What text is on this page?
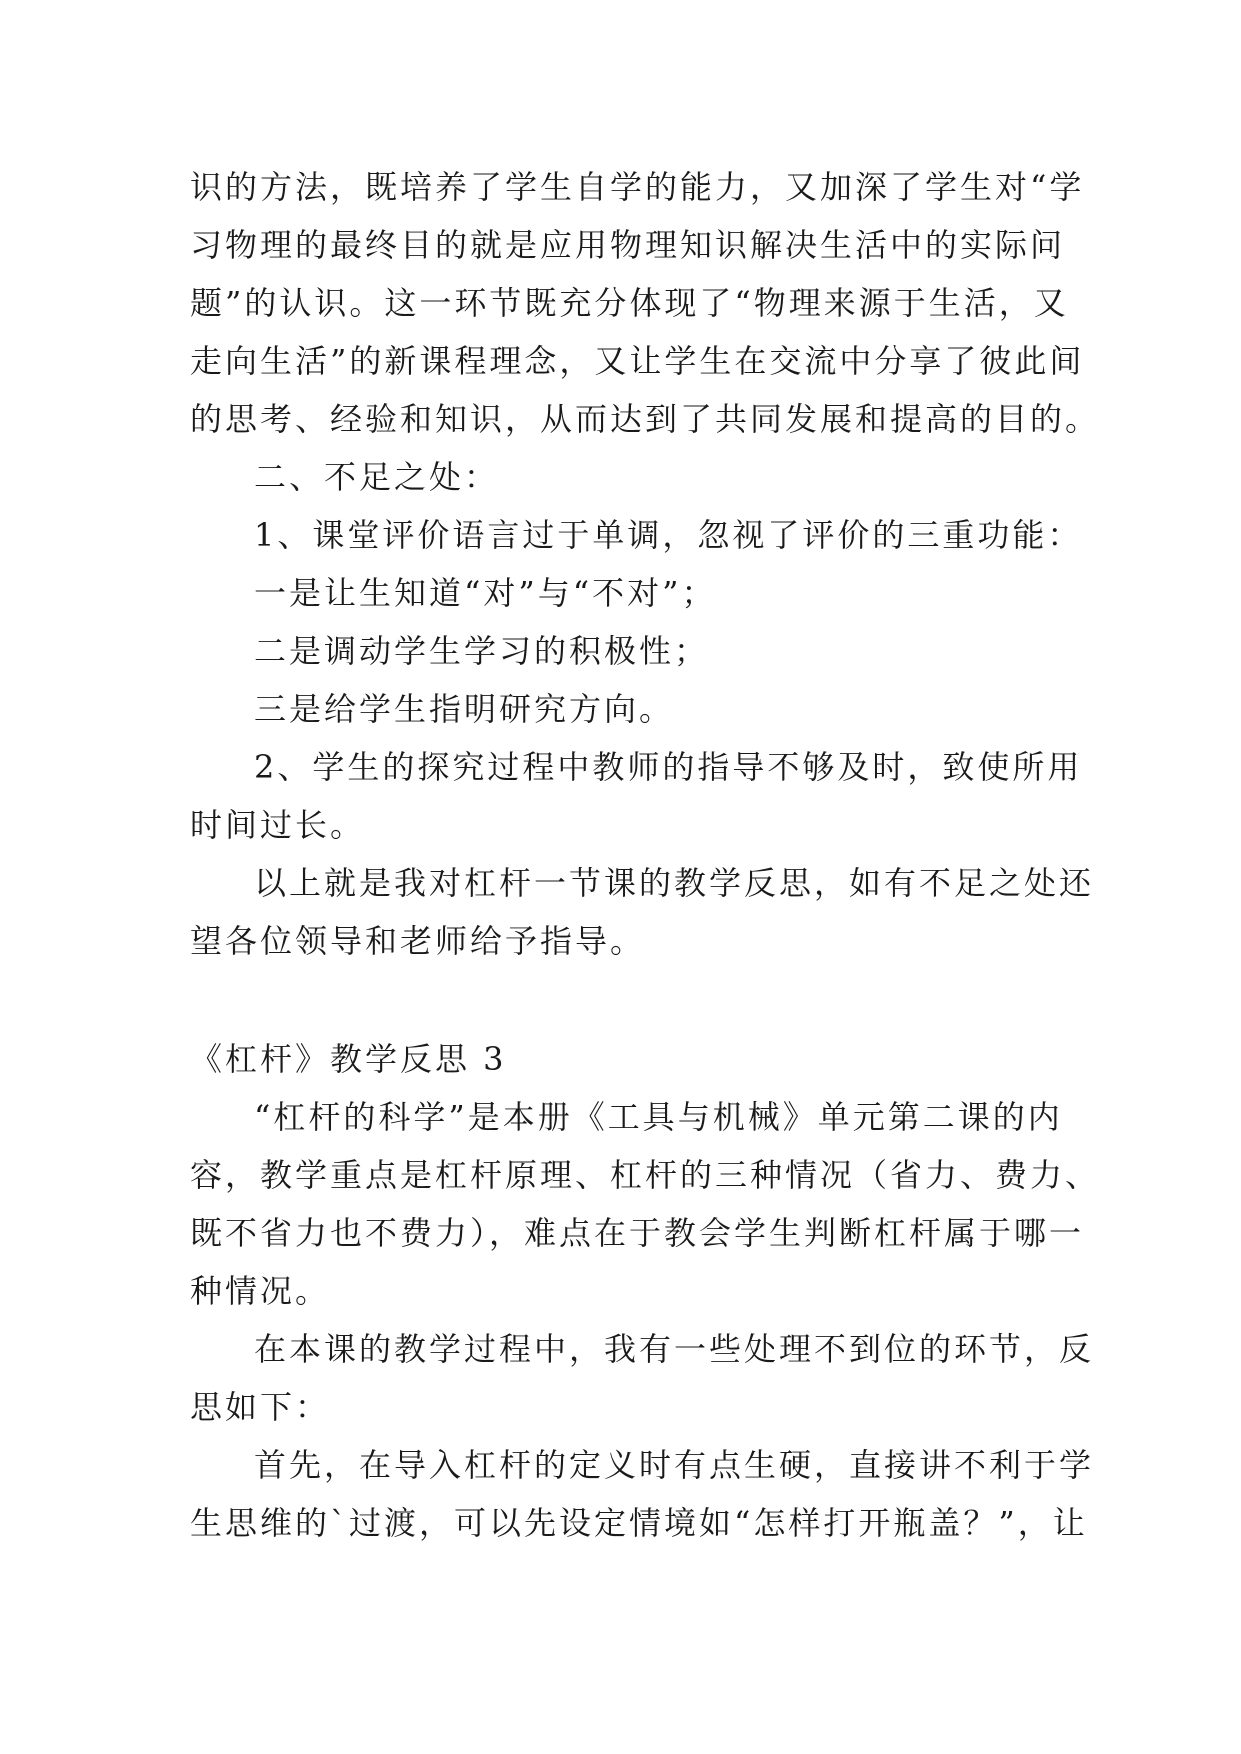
识的方法，既培养了学生自学的能力，又加深了学生对“学
习物理的最终目的就是应用物理知识解决生活中的实际问
题”的认识。这一环节既充分体现了“物理来源于生活，又
走向生活”的新课程理念，又让学生在交流中分享了彼此间
的思考、经验和知识，从而达到了共同发展和提高的目的。
二、不足之处：
1、课堂评价语言过于单调，忽视了评价的三重功能：
一是让生知道“对”与“不对”；
二是调动学生学习的积极性；
三是给学生指明研究方向。
2、学生的探究过程中教师的指导不够及时，致使所用
时间过长。
以上就是我对杠杆一节课的教学反思，如有不足之处还
望各位领导和老师给予指导。
《杠杆》教学反思 3
“杠杆的科学”是本册《工具与机械》单元第二课的内
容，教学重点是杠杆原理、杠杆的三种情况（省力、费力、
既不省力也不费力），难点在于教会学生判断杠杆属于哪一
种情况。
在本课的教学过程中，我有一些处理不到位的环节，反
思如下：
首先，在导入杠杆的定义时有点生硬，直接讲不利于学
生思维的`过渡，可以先设定情境如“怎样打开瓶盖？”，让
